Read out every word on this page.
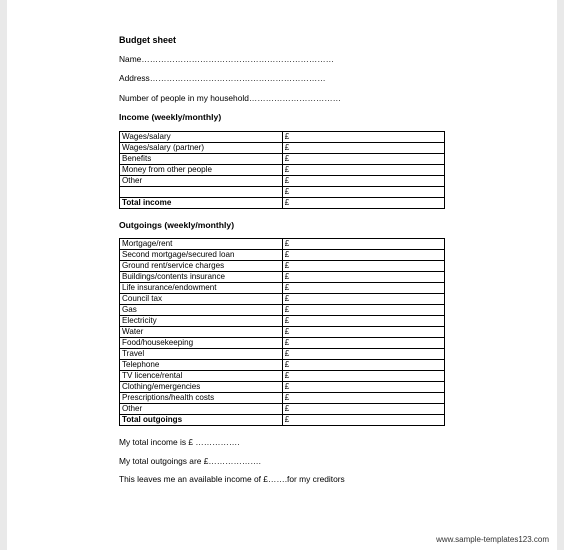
Budget sheet
Name……………………………………………………………
Address………………………………………………………
Number of people in my household……………………………
Income (weekly/monthly)
Wages/salary	£
Wages/salary (partner)	£
Benefits	£
Money from other people	£
Other	£
	£
Total income	£
Outgoings (weekly/monthly)
Mortgage/rent	£
Second mortgage/secured loan	£
Ground rent/service charges	£
Buildings/contents insurance	£
Life insurance/endowment	£
Council tax	£
Gas	£
Electricity	£
Water	£
Food/housekeeping	£
Travel	£
Telephone	£
TV licence/rental	£
Clothing/emergencies	£
Prescriptions/health costs	£
Other	£
Total outgoings	£
My total income is £ …………….
My total outgoings are £……………….
This leaves me an available income of £…….for my creditors
www.sample-templates123.com
